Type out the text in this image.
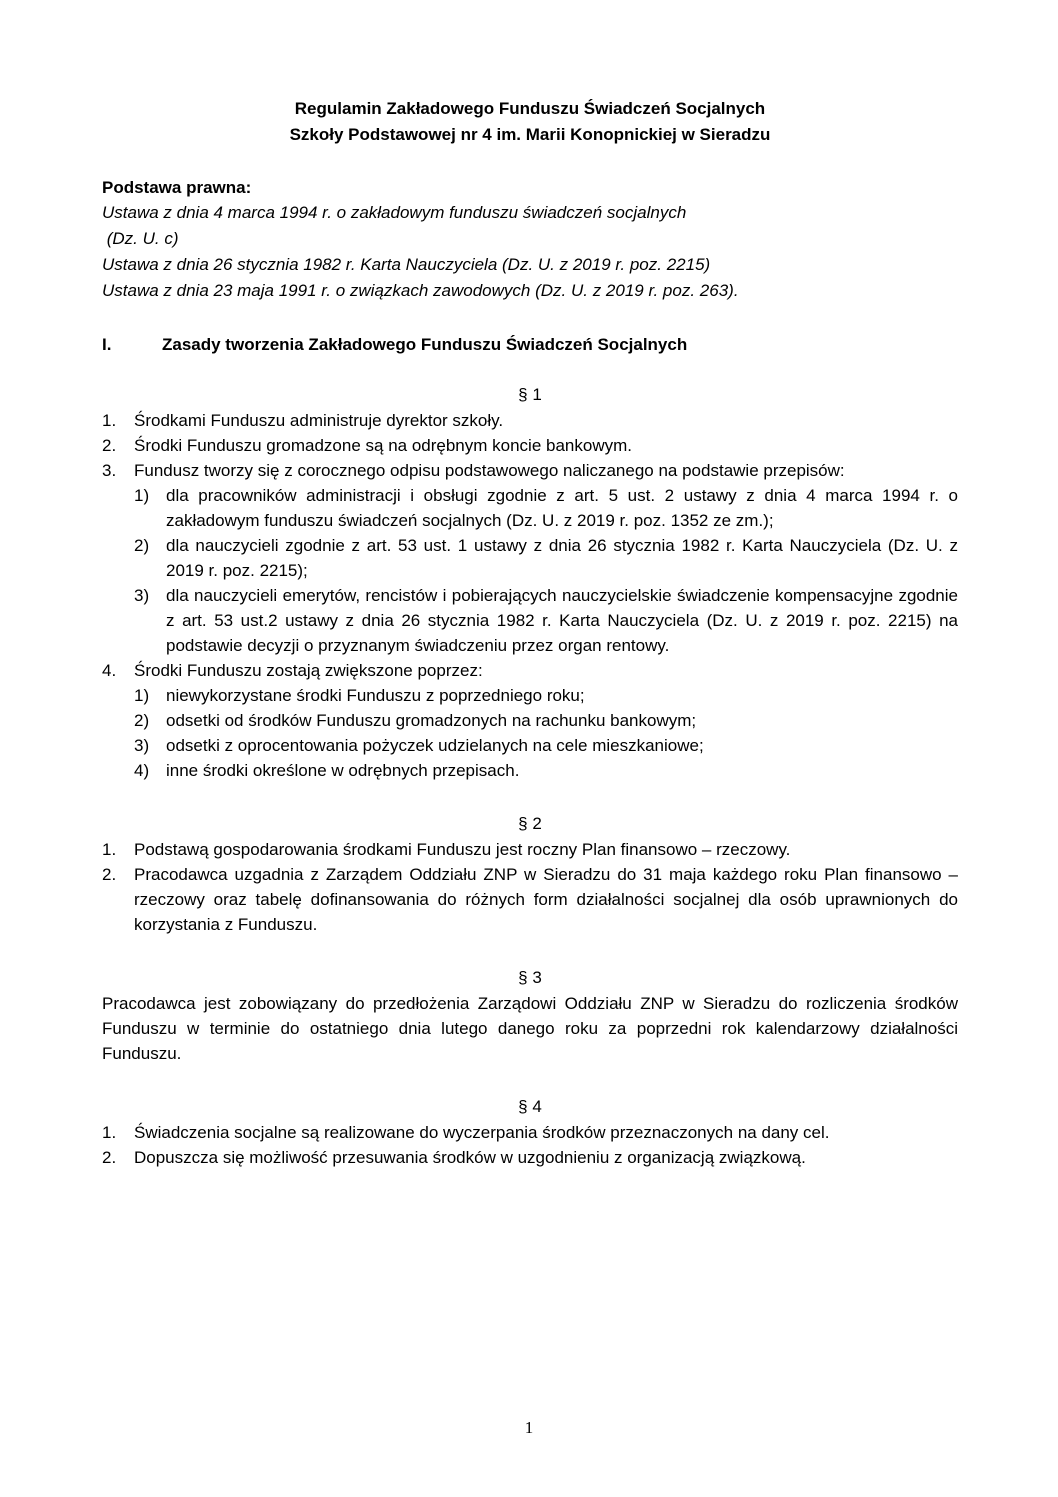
Regulamin Zakładowego Funduszu Świadczeń Socjalnych
Szkoły Podstawowej nr 4 im. Marii Konopnickiej w Sieradzu
Podstawa prawna:
Ustawa z dnia 4 marca 1994 r. o zakładowym funduszu świadczeń socjalnych
(Dz. U. c)
Ustawa z dnia 26 stycznia 1982 r. Karta Nauczyciela (Dz. U. z 2019 r. poz. 2215)
Ustawa z dnia 23 maja 1991 r. o związkach zawodowych (Dz. U. z 2019 r. poz. 263).
I.	Zasady tworzenia Zakładowego Funduszu Świadczeń Socjalnych
§ 1
1.	Środkami Funduszu administruje dyrektor szkoły.
2.	Środki Funduszu gromadzone są na odrębnym koncie bankowym.
3.	Fundusz tworzy się z corocznego odpisu podstawowego naliczanego na podstawie przepisów:
1) dla pracowników administracji i obsługi zgodnie z art. 5 ust. 2 ustawy z dnia 4 marca 1994 r. o zakładowym funduszu świadczeń socjalnych (Dz. U. z 2019 r. poz. 1352 ze zm.);
2) dla nauczycieli zgodnie z art. 53 ust. 1 ustawy z dnia 26 stycznia 1982 r. Karta Nauczyciela (Dz. U. z 2019 r. poz. 2215);
3) dla nauczycieli emerytów, rencistów i pobierających nauczycielskie świadczenie kompensacyjne zgodnie z art. 53 ust.2 ustawy z dnia 26 stycznia 1982 r. Karta Nauczyciela (Dz. U. z 2019 r. poz. 2215) na podstawie decyzji o przyznanym świadczeniu przez organ rentowy.
4.	Środki Funduszu zostają zwiększone poprzez:
1) niewykorzystane środki Funduszu z poprzedniego roku;
2) odsetki od środków Funduszu gromadzonych na rachunku bankowym;
3) odsetki z oprocentowania pożyczek udzielanych na cele mieszkaniowe;
4) inne środki określone w odrębnych przepisach.
§ 2
1.	Podstawą gospodarowania środkami Funduszu jest roczny Plan finansowo – rzeczowy.
2.	Pracodawca uzgadnia z Zarządem Oddziału ZNP w Sieradzu do 31 maja każdego roku Plan finansowo – rzeczowy oraz tabelę dofinansowania do różnych form działalności socjalnej dla osób uprawnionych do korzystania z Funduszu.
§ 3
Pracodawca jest zobowiązany do przedłożenia Zarządowi Oddziału ZNP w Sieradzu do rozliczenia środków Funduszu w terminie do ostatniego dnia lutego danego roku za poprzedni rok kalendarzowy działalności Funduszu.
§ 4
1.	Świadczenia socjalne są realizowane do wyczerpania środków przeznaczonych na dany cel.
2.	Dopuszcza się możliwość przesuwania środków w uzgodnieniu z organizacją związkową.
1
